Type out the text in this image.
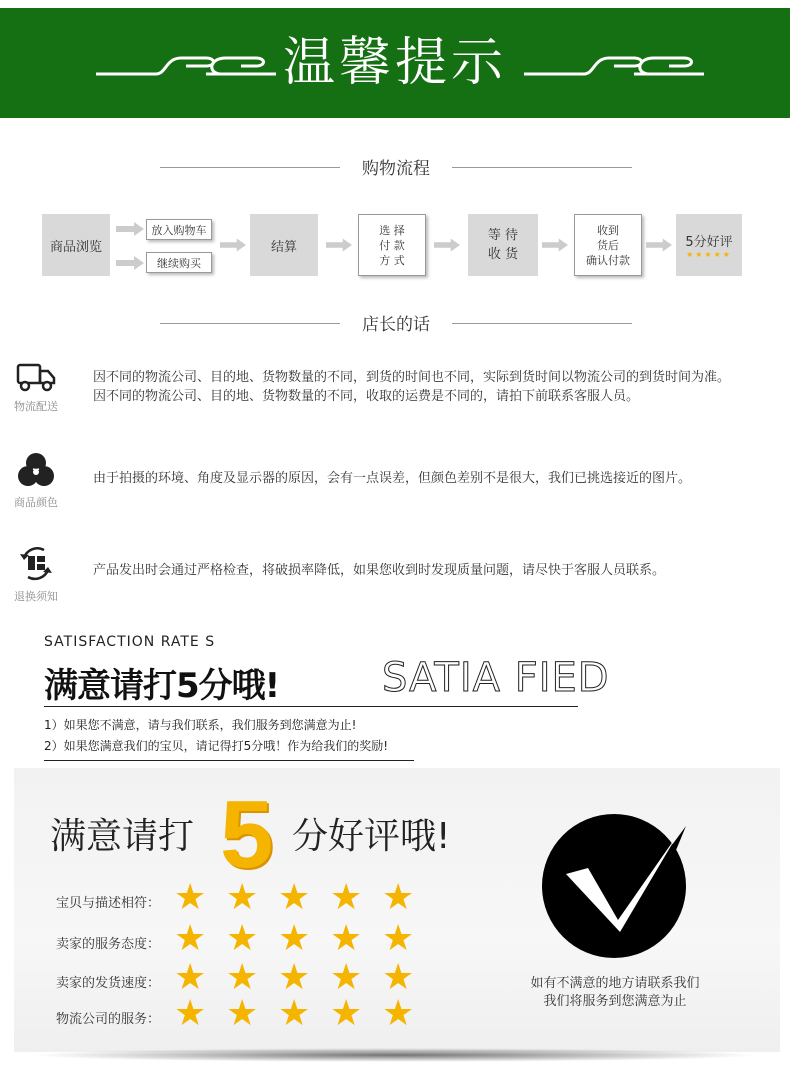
温馨提示
购物流程
商品浏览
放入购物车
继续购买
结算
选 择
付 款
方 式
等 待
收 货
收到
货后
确认付款
5分好评
★★★★★
店长的话
物流配送
因不同的物流公司、目的地、货物数量的不同，到货的时间也不同，实际到货时间以物流公司的到货时间为准。
因不同的物流公司、目的地、货物数量的不同，收取的运费是不同的，请拍下前联系客服人员。
商品颜色
由于拍摄的环境、角度及显示器的原因，会有一点误差，但颜色差别不是很大，我们已挑选接近的图片。
退换须知
产品发出时会通过严格检查，将破损率降低，如果您收到时发现质量问题，请尽快于客服人员联系。
SATISFACTION RATE S
满意请打5分哦!	SATIA FIED
1）如果您不满意，请与我们联系，我们服务到您满意为止!
2）如果您满意我们的宝贝，请记得打5分哦！作为给我们的奖励!
满意请打 5 分好评哦!
宝贝与描述相符： ★ ★ ★ ★ ★
卖家的服务态度： ★ ★ ★ ★ ★
卖家的发货速度： ★ ★ ★ ★ ★
物流公司的服务： ★ ★ ★ ★ ★
如有不满意的地方请联系我们
我们将服务到您满意为止
